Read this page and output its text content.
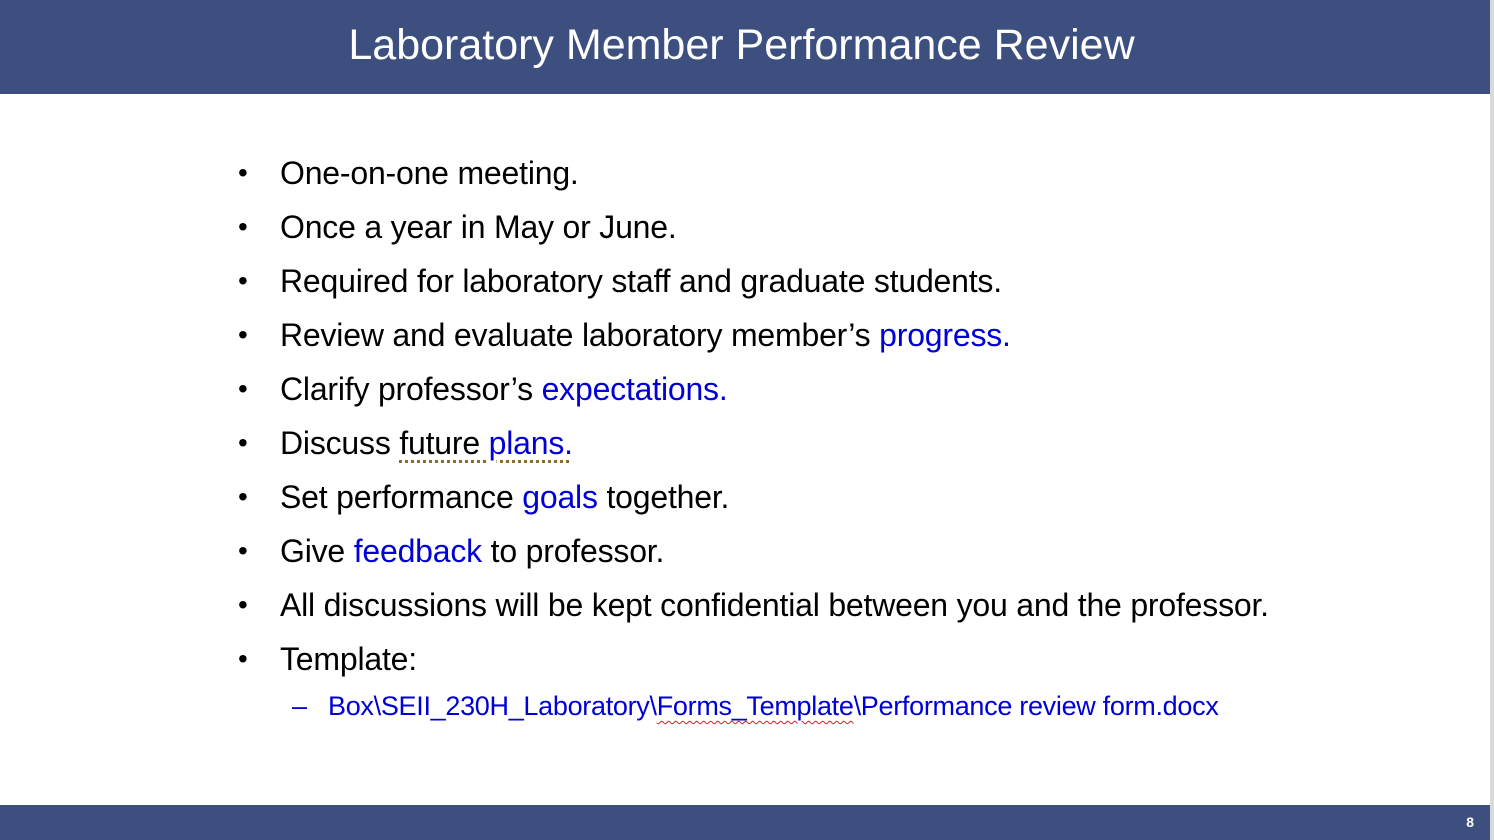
Laboratory Member Performance Review
• One-on-one meeting.
• Once a year in May or June.
• Required for laboratory staff and graduate students.
• Review and evaluate laboratory member’s progress.
• Clarify professor’s expectations.
• Discuss future plans.
• Set performance goals together.
• Give feedback to professor.
• All discussions will be kept confidential between you and the professor.
• Template:
– Box\SEII_230H_Laboratory\Forms_Template\Performance review form.docx
8
